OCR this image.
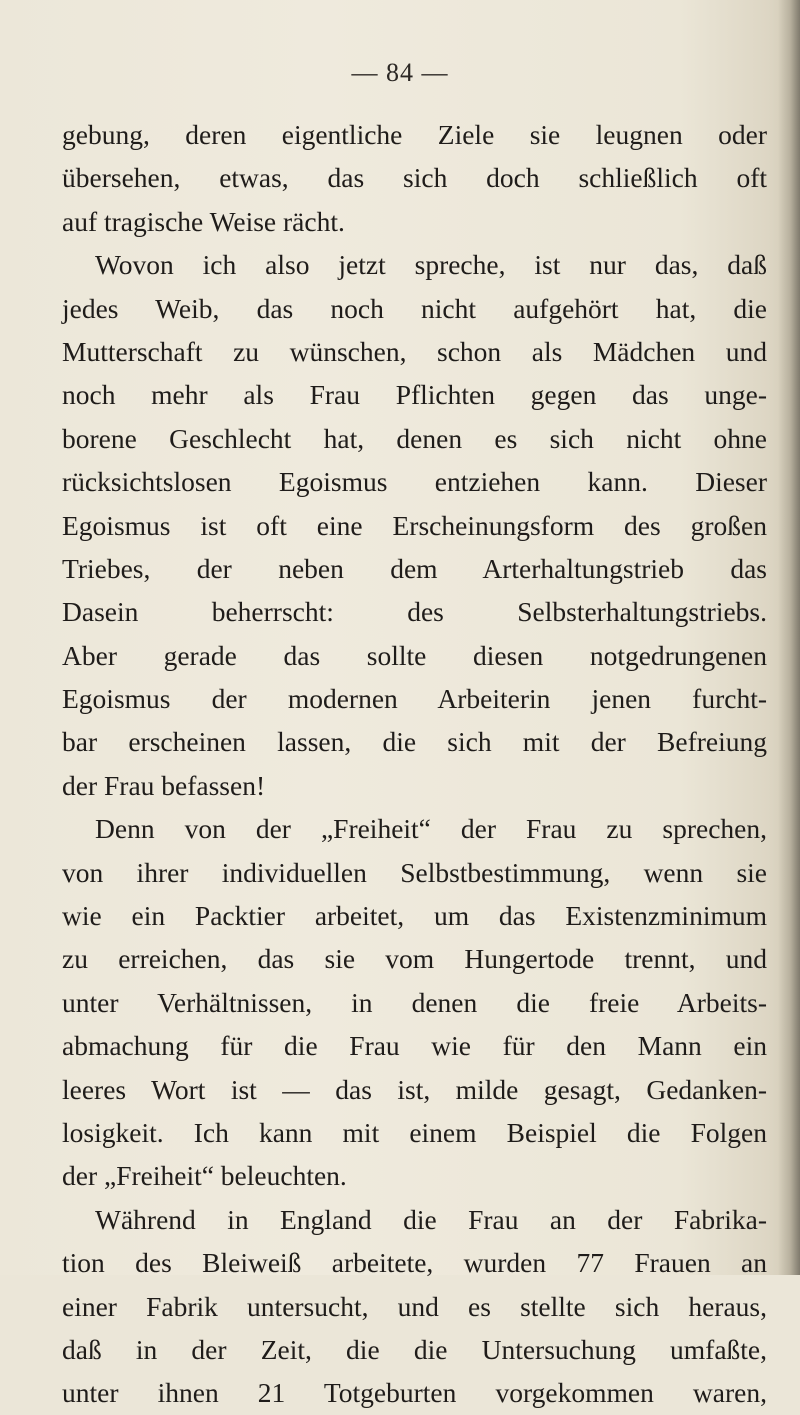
— 84 —
gebung, deren eigentliche Ziele sie leugnen oder
übersehen, etwas, das sich doch schließlich oft
auf tragische Weise rächt.
Wovon ich also jetzt spreche, ist nur das, daß
jedes Weib, das noch nicht aufgehört hat, die
Mutterschaft zu wünschen, schon als Mädchen und
noch mehr als Frau Pflichten gegen das unge-
borene Geschlecht hat, denen es sich nicht ohne
rücksichtslosen Egoismus entziehen kann. Dieser
Egoismus ist oft eine Erscheinungsform des großen
Triebes, der neben dem Arterhaltungstrieb das
Dasein beherrscht: des Selbsterhaltungstriebs.
Aber gerade das sollte diesen notgedrungenen
Egoismus der modernen Arbeiterin jenen furcht-
bar erscheinen lassen, die sich mit der Befreiung
der Frau befassen!
Denn von der „Freiheit“ der Frau zu sprechen,
von ihrer individuellen Selbstbestimmung, wenn sie
wie ein Packtier arbeitet, um das Existenzminimum
zu erreichen, das sie vom Hungertode trennt, und
unter Verhältnissen, in denen die freie Arbeits-
abmachung für die Frau wie für den Mann ein
leeres Wort ist — das ist, milde gesagt, Gedanken-
losigkeit. Ich kann mit einem Beispiel die Folgen
der „Freiheit“ beleuchten.
Während in England die Frau an der Fabrika-
tion des Bleiweiß arbeitete, wurden 77 Frauen an
einer Fabrik untersucht, und es stellte sich heraus,
daß in der Zeit, die die Untersuchung umfaßte,
unter ihnen 21 Totgeburten vorgekommen waren,
